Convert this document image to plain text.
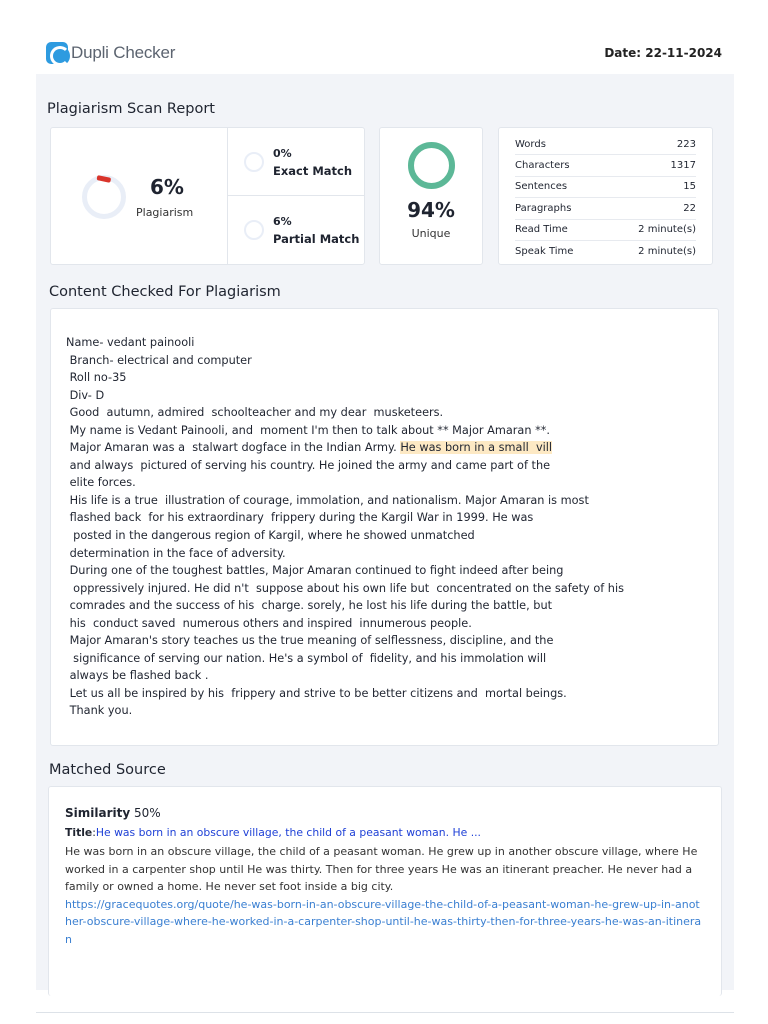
Dupli Checker	Date: 22-11-2024
Plagiarism Scan Report
6%
Plagiarism
0%
Exact Match
6%
Partial Match
94%
Unique
Words	223
Characters	1317
Sentences	15
Paragraphs	22
Read Time	2 minute(s)
Speak Time	2 minute(s)
Content Checked For Plagiarism
Name- vedant painooli
Branch- electrical and computer
Roll no-35
Div- D
Good  autumn, admired  schoolteacher and my dear  musketeers.
My name is Vedant Painooli, and  moment I'm then to talk about ** Major Amaran **.
Major Amaran was a  stalwart dogface in the Indian Army. He was born in a small  vill
and always  pictured of serving his country. He joined the army and came part of the
elite forces.
His life is a true  illustration of courage, immolation, and nationalism. Major Amaran is most
flashed back  for his extraordinary  frippery during the Kargil War in 1999. He was
posted in the dangerous region of Kargil, where he showed unmatched
determination in the face of adversity.
During one of the toughest battles, Major Amaran continued to fight indeed after being
oppressively injured. He did n't  suppose about his own life but  concentrated on the safety of his
comrades and the success of his  charge. sorely, he lost his life during the battle, but
his  conduct saved  numerous others and inspired  innumerous people.
Major Amaran's story teaches us the true meaning of selflessness, discipline, and the
significance of serving our nation. He's a symbol of  fidelity, and his immolation will
always be flashed back .
Let us all be inspired by his  frippery and strive to be better citizens and  mortal beings.
Thank you.
Matched Source
Similarity 50%
Title:He was born in an obscure village, the child of a peasant woman. He ...
He was born in an obscure village, the child of a peasant woman. He grew up in another obscure village, where He worked in a carpenter shop until He was thirty. Then for three years He was an itinerant preacher. He never had a family or owned a home. He never set foot inside a big city.
https://gracequotes.org/quote/he-was-born-in-an-obscure-village-the-child-of-a-peasant-woman-he-grew-up-in-another-obscure-village-where-he-worked-in-a-carpenter-shop-until-he-was-thirty-then-for-three-years-he-was-an-itineran
